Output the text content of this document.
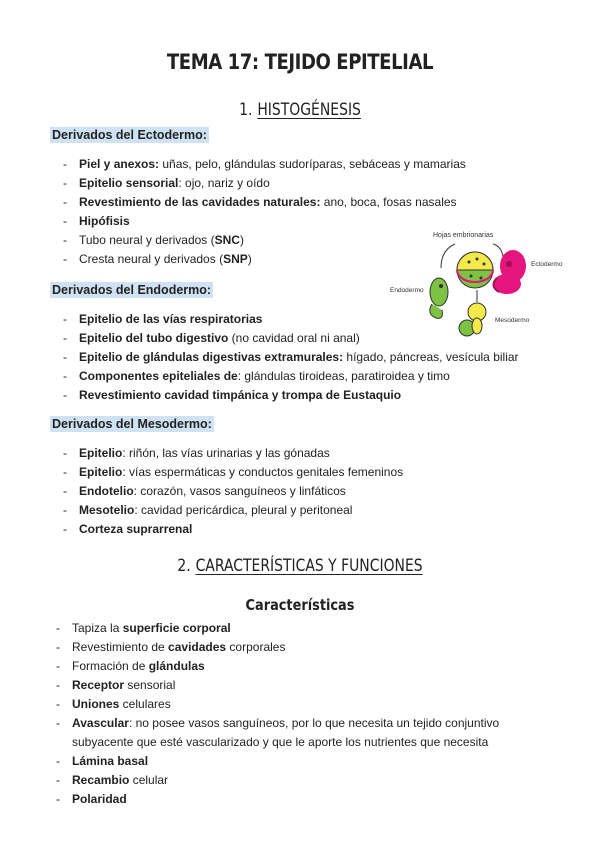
TEMA 17: TEJIDO EPITELIAL
1. HISTOGÉNESIS
Derivados del Ectodermo:
- Piel y anexos: uñas, pelo, glándulas sudoríparas, sebáceas y mamarias
- Epitelio sensorial: ojo, nariz y oído
- Revestimiento de las cavidades naturales: ano, boca, fosas nasales
- Hipófisis
- Tubo neural y derivados (SNC)
- Cresta neural y derivados (SNP)
Hojas embrionarias
Ectodermo
Endodermo
Mesodermo
Derivados del Endodermo:
- Epitelio de las vías respiratorias
- Epitelio del tubo digestivo (no cavidad oral ni anal)
- Epitelio de glándulas digestivas extramurales: hígado, páncreas, vesícula biliar
- Componentes epiteliales de: glándulas tiroideas, paratiroidea y timo
- Revestimiento cavidad timpánica y trompa de Eustaquio
Derivados del Mesodermo:
- Epitelio: riñón, las vías urinarias y las gónadas
- Epitelio: vías espermáticas y conductos genitales femeninos
- Endotelio: corazón, vasos sanguíneos y linfáticos
- Mesotelio: cavidad pericárdica, pleural y peritoneal
- Corteza suprarrenal
2. CARACTERÍSTICAS Y FUNCIONES
Características
- Tapiza la superficie corporal
- Revestimiento de cavidades corporales
- Formación de glándulas
- Receptor sensorial
- Uniones celulares
- Avascular: no posee vasos sanguíneos, por lo que necesita un tejido conjuntivo
subyacente que esté vascularizado y que le aporte los nutrientes que necesita
- Lámina basal
- Recambio celular
- Polaridad
